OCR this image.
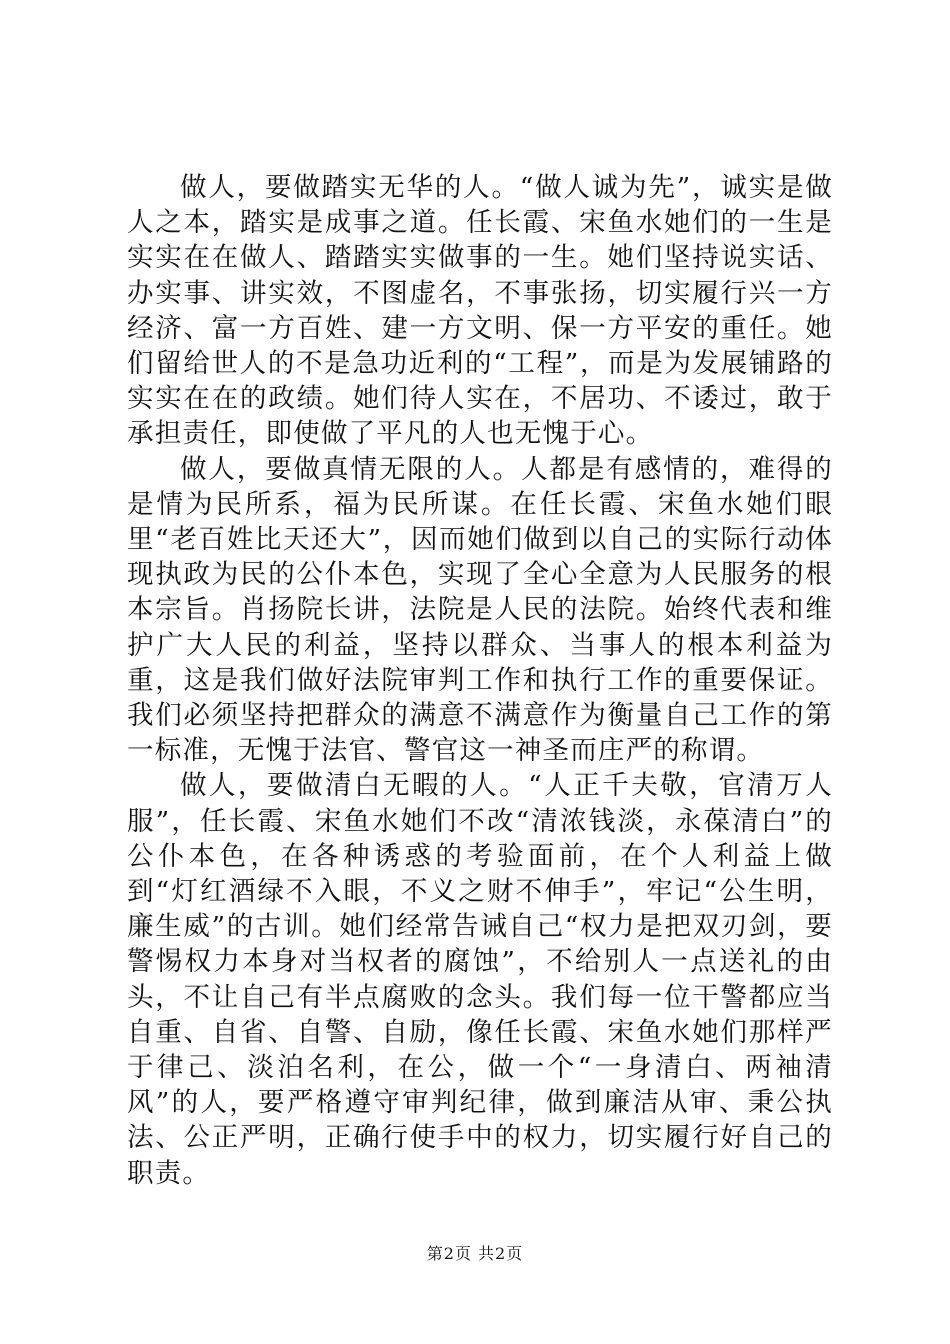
做人，要做踏实无华的人。“做人诚为先”，诚实是做人之本，踏实是成事之道。任长霞、宋鱼水她们的一生是实实在在做人、踏踏实实做事的一生。她们坚持说实话、办实事、讲实效，不图虚名，不事张扬，切实履行兴一方经济、富一方百姓、建一方文明、保一方平安的重任。她们留给世人的不是急功近利的“工程”，而是为发展铺路的实实在在的政绩。她们待人实在，不居功、不诿过，敢于承担责任，即使做了平凡的人也无愧于心。

做人，要做真情无限的人。人都是有感情的，难得的是情为民所系，福为民所谋。在任长霞、宋鱼水她们眼里“老百姓比天还大”，因而她们做到以自己的实际行动体现执政为民的公仆本色，实现了全心全意为人民服务的根本宗旨。肖扬院长讲，法院是人民的法院。始终代表和维护广大人民的利益，坚持以群众、当事人的根本利益为重，这是我们做好法院审判工作和执行工作的重要保证。我们必须坚持把群众的满意不满意作为衡量自己工作的第一标准，无愧于法官、警官这一神圣而庄严的称谓。

做人，要做清白无暇的人。“人正千夫敬，官清万人服”，任长霞、宋鱼水她们不改“清浓钱淡，永葆清白”的公仆本色，在各种诱惑的考验面前，在个人利益上做到“灯红酒绿不入眼，不义之财不伸手”，牢记“公生明，廉生威”的古训。她们经常告诫自己“权力是把双刃剑，要警惕权力本身对当权者的腐蚀”，不给别人一点送礼的由头，不让自己有半点腐败的念头。我们每一位干警都应当自重、自省、自警、自励，像任长霞、宋鱼水她们那样严于律己、淡泊名利，在公，做一个“一身清白、两袖清风”的人，要严格遵守审判纪律，做到廉洁从审、秉公执法、公正严明，正确行使手中的权力，切实履行好自己的职责。

第2页 共2页
